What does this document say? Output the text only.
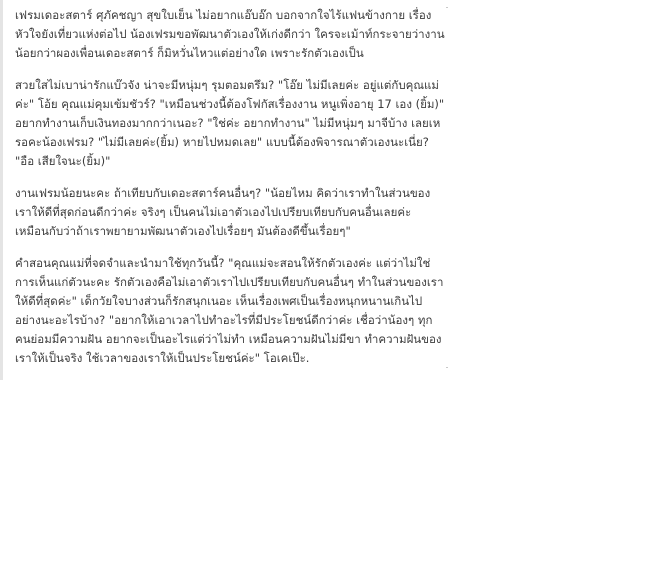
เฟรมเดอะสตาร์ ศุภัคชญา สุขใบเย็น ไม่อยากแอ๊บอ๊ก บอกจากใจไร้แฟนข้างกาย เรื่องหัวใจยังเที่ยวแห่งต่อไป น้องเฟรมขอพัฒนาตัวเองให้เก่งดีกว่า ใครจะเม้าท์กระจายว่างานน้อยกว่าผองเพื่อนเดอะสตาร์ ก็มิหวั่นไหวแต่อย่างใด เพราะรักตัวเองเป็น

สวยใสไม่เบาน่ารักแบ๊วจัง น่าจะมีหนุ่มๆ รุมตอมตรึม? "โอ๊ย ไม่มีเลยค่ะ อยู่แต่กับคุณแม่ค่ะ" โอ้ย คุณแม่คุมเข้มชัวร์? "เหมือนช่วงนี้ต้องโฟกัสเรื่องงาน หนูเพิ่งอายุ 17 เอง (ยิ้ม)" อยากทำงานเก็บเงินทองมากกว่าเนอะ? "ใช่ค่ะ อยากทำงาน" ไม่มีหนุ่มๆ มาจีบ้าง เลยเหรอคะน้องเฟรม? "ไม่มีเลยค่ะ(ยิ้ม) หายไปหมดเลย" แบบนี้ต้องพิจารณาตัวเองนะเนี่ย? "อือ เสียใจนะ(ยิ้ม)"

งานเฟรมน้อยนะคะ ถ้าเทียบกับเดอะสตาร์คนอื่นๆ? "น้อยไหม คิดว่าเราทำในส่วนของเราให้ดีที่สุดก่อนดีกว่าค่ะ จริงๆ เป็นคนไม่เอาตัวเองไปเปรียบเทียบกับคนอื่นเลยค่ะ เหมือนกับว่าถ้าเราพยายามพัฒนาตัวเองไปเรื่อยๆ มันต้องดีขึ้นเรื่อยๆ"

คำสอนคุณแม่ที่จดจำและนำมาใช้ทุกวันนี้? "คุณแม่จะสอนให้รักตัวเองค่ะ แต่ว่าไม่ใช่การเห็นแก่ตัวนะคะ รักตัวเองคือไม่เอาตัวเราไปเปรียบเทียบกับคนอื่นๆ ทำในส่วนของเราให้ดีที่สุดค่ะ" เด็กวัยใจบางส่วนก็รักสนุกเนอะ เห็นเรื่องเพศเป็นเรื่องหนุกหนานเกินไป อย่างนะอะไรบ้าง? "อยากให้เอาเวลาไปทำอะไรที่มีประโยชน์ดีกว่าค่ะ เชื่อว่าน้องๆ ทุกคนย่อมมีความฝัน อยากจะเป็นอะไรแต่ว่าไม่ทำ เหมือนความฝันไม่มีขา ทำความฝันของเราให้เป็นจริง ใช้เวลาของเราให้เป็นประโยชน์ค่ะ" โอเคเป๊ะ.
